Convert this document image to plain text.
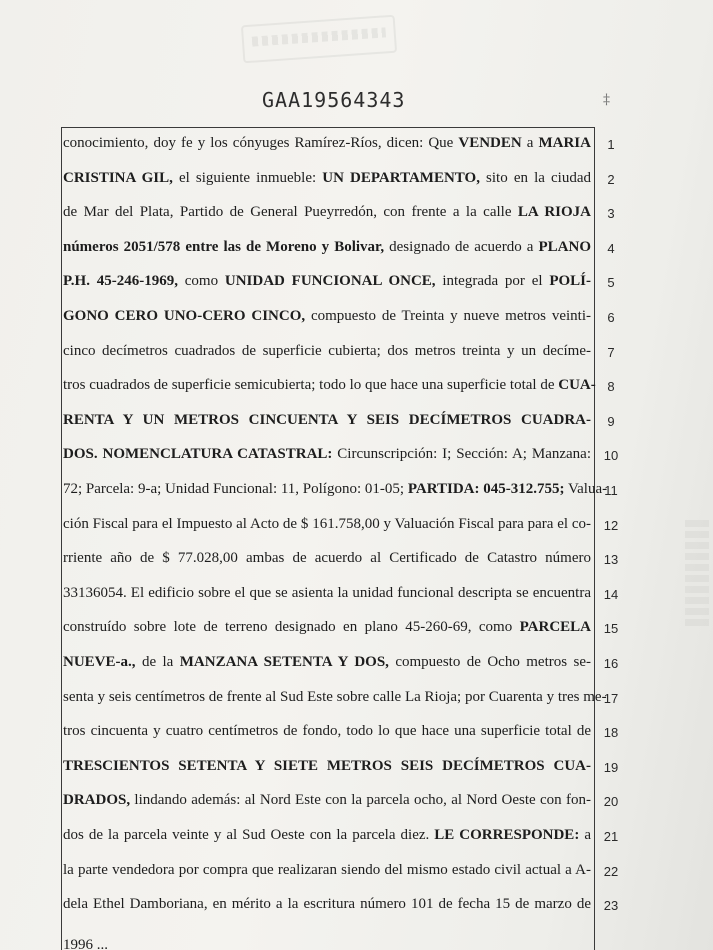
GAA19564343	‡
conocimiento, doy fe y los cónyuges Ramírez-Ríos, dicen: Que VENDEN a MARIA	1
CRISTINA GIL, el siguiente inmueble: UN DEPARTAMENTO, sito en la ciudad	2
de Mar del Plata, Partido de General Pueyrredón, con frente a la calle LA RIOJA	3
números 2051/578 entre las de Moreno y Bolivar, designado de acuerdo a PLANO	4
P.H. 45-246-1969, como UNIDAD FUNCIONAL ONCE, integrada por el POLÍ-	5
GONO CERO UNO-CERO CINCO, compuesto de Treinta y nueve metros veinti-	6
cinco decímetros cuadrados de superficie cubierta; dos metros treinta y un decíme-	7
tros cuadrados de superficie semicubierta; todo lo que hace una superficie total de CUA- 8
RENTA Y UN METROS CINCUENTA Y SEIS DECÍMETROS CUADRA-	9
DOS. NOMENCLATURA CATASTRAL: Circunscripción: I; Sección: A; Manzana: 10
72; Parcela: 9-a; Unidad Funcional: 11, Polígono: 01-05; PARTIDA: 045-312.755; Valua-
11
ción Fiscal para el Impuesto al Acto de $ 161.758,00 y Valuación Fiscal para para el co- 12
rriente año de $ 77.028,00 ambas de acuerdo al Certificado de Catastro número 13
33136054. El edificio sobre el que se asienta la unidad funcional descripta se encuentra 14
construído sobre lote de terreno designado en plano 45-260-69, como PARCELA 15
NUEVE-a., de la MANZANA SETENTA Y DOS, compuesto de Ocho metros se- 16
senta y seis centímetros de frente al Sud Este sobre calle La Rioja; por Cuarenta y tres me-
17
tros cincuenta y cuatro centímetros de fondo, todo lo que hace una superficie total de 18
TRESCIENTOS SETENTA Y SIETE METROS SEIS DECÍMETROS CUA- 19
DRADOS, lindando además: al Nord Este con la parcela ocho, al Nord Oeste con fon- 20
dos de la parcela veinte y al Sud Oeste con la parcela diez. LE CORRESPONDE: a 21
la parte vendedora por compra que realizaran siendo del mismo estado civil actual a A- 22
dela Ethel Damboriana, en mérito a la escritura número 101 de fecha 15 de marzo de 23
1996 ...
